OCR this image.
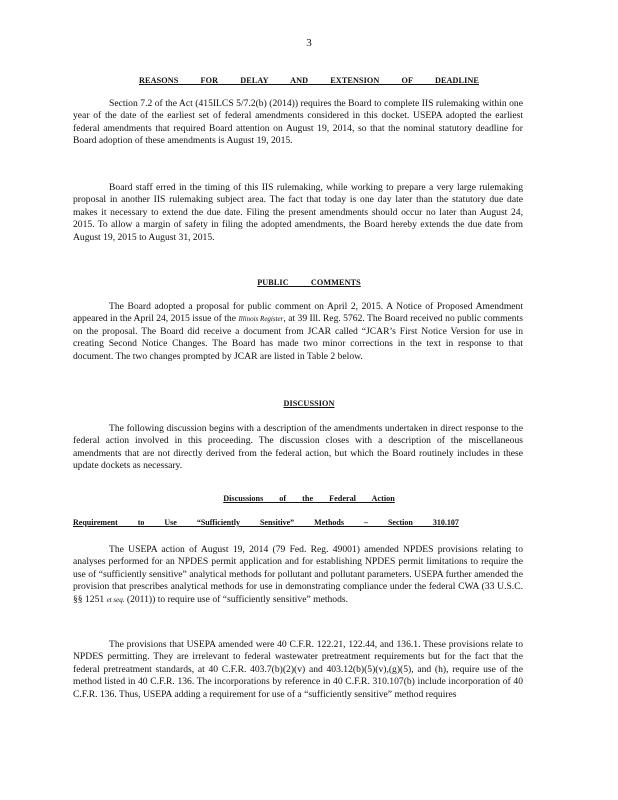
3
REASONS FOR DELAY AND EXTENSION OF DEADLINE

Section 7.2 of the Act (415ILCS 5/7.2(b) (2014)) requires the Board to complete IIS rulemaking within one year of the date of the earliest set of federal amendments considered in this docket. USEPA adopted the earliest federal amendments that required Board attention on August 19, 2014, so that the nominal statutory deadline for Board adoption of these amendments is August 19, 2015.

Board staff erred in the timing of this IIS rulemaking, while working to prepare a very large rulemaking proposal in another IIS rulemaking subject area. The fact that today is one day later than the statutory due date makes it necessary to extend the due date. Filing the present amendments should occur no later than August 24, 2015. To allow a margin of safety in filing the adopted amendments, the Board hereby extends the due date from August 19, 2015 to August 31, 2015.

PUBLIC COMMENTS

The Board adopted a proposal for public comment on April 2, 2015. A Notice of Proposed Amendment appeared in the April 24, 2015 issue of the Illinois Register, at 39 Ill. Reg. 5762. The Board received no public comments on the proposal. The Board did receive a document from JCAR called “JCAR’s First Notice Version for use in creating Second Notice Changes. The Board has made two minor corrections in the text in response to that document. The two changes prompted by JCAR are listed in Table 2 below.

DISCUSSION

The following discussion begins with a description of the amendments undertaken in direct response to the federal action involved in this proceeding. The discussion closes with a description of the miscellaneous amendments that are not directly derived from the federal action, but which the Board routinely includes in these update dockets as necessary.

Discussions of the Federal Action
Requirement to Use “Sufficiently Sensitive” Methods – Section 310.107

The USEPA action of August 19, 2014 (79 Fed. Reg. 49001) amended NPDES provisions relating to analyses performed for an NPDES permit application and for establishing NPDES permit limitations to require the use of “sufficiently sensitive” analytical methods for pollutant and pollutant parameters. USEPA further amended the provision that prescribes analytical methods for use in demonstrating compliance under the federal CWA (33 U.S.C. §§ 1251 et seq. (2011)) to require use of “sufficiently sensitive” methods.

The provisions that USEPA amended were 40 C.F.R. 122.21, 122.44, and 136.1. These provisions relate to NPDES permitting. They are irrelevant to federal wastewater pretreatment requirements but for the fact that the federal pretreatment standards, at 40 C.F.R. 403.7(b)(2)(v) and 403.12(b)(5)(v),(g)(5), and (h), require use of the method listed in 40 C.F.R. 136. The incorporations by reference in 40 C.F.R. 310.107(b) include incorporation of 40 C.F.R. 136. Thus, USEPA adding a requirement for use of a “sufficiently sensitive” method requires
